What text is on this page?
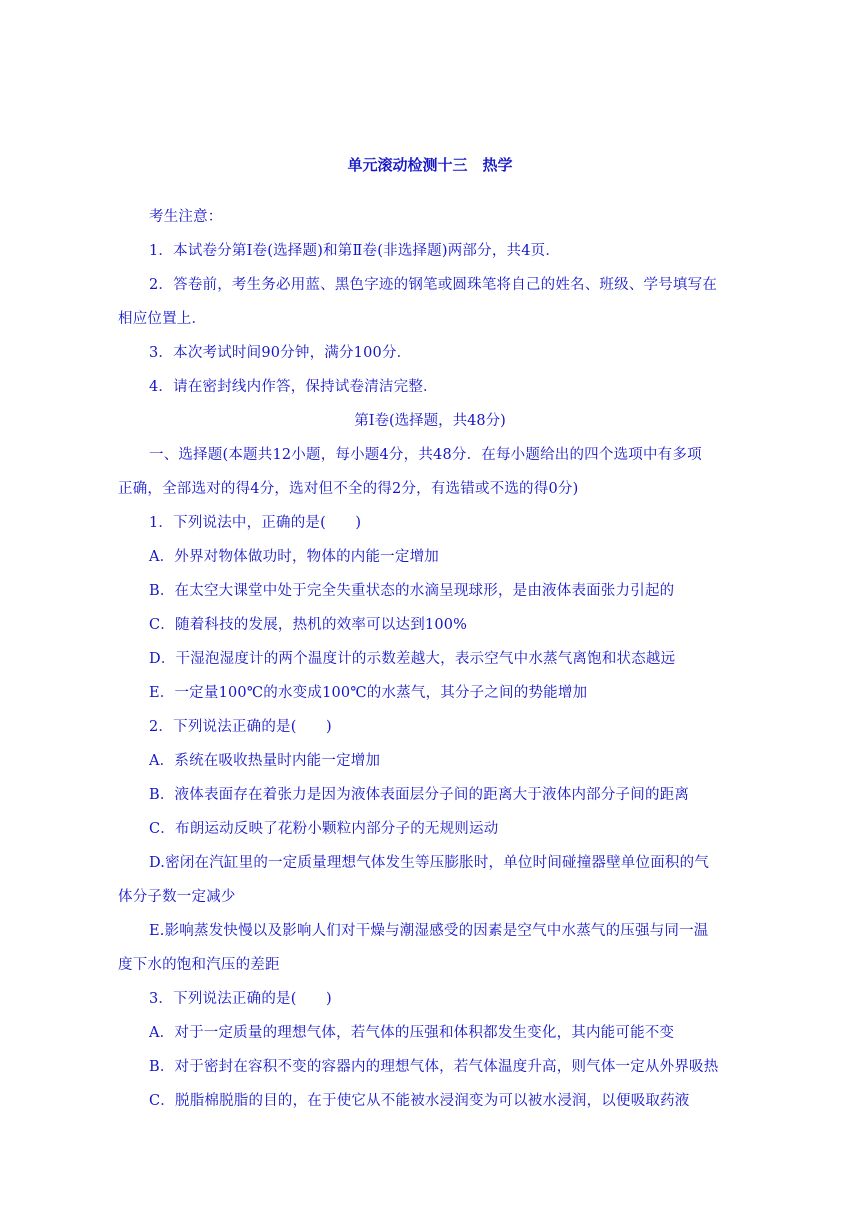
单元滚动检测十三　热学
考生注意：
1．本试卷分第Ⅰ卷(选择题)和第Ⅱ卷(非选择题)两部分，共4页．
2．答卷前，考生务必用蓝、黑色字迹的钢笔或圆珠笔将自己的姓名、班级、学号填写在
相应位置上．
3．本次考试时间90分钟，满分100分．
4．请在密封线内作答，保持试卷清洁完整．
第Ⅰ卷(选择题，共48分)
一、选择题(本题共12小题，每小题4分，共48分．在每小题给出的四个选项中有多项
正确，全部选对的得4分，选对但不全的得2分，有选错或不选的得0分)
1．下列说法中，正确的是(　　)
A．外界对物体做功时，物体的内能一定增加
B．在太空大课堂中处于完全失重状态的水滴呈现球形，是由液体表面张力引起的
C．随着科技的发展，热机的效率可以达到100%
D．干湿泡湿度计的两个温度计的示数差越大，表示空气中水蒸气离饱和状态越远
E．一定量100℃的水变成100℃的水蒸气，其分子之间的势能增加
2．下列说法正确的是(　　)
A．系统在吸收热量时内能一定增加
B．液体表面存在着张力是因为液体表面层分子间的距离大于液体内部分子间的距离
C．布朗运动反映了花粉小颗粒内部分子的无规则运动
D.密闭在汽缸里的一定质量理想气体发生等压膨胀时，单位时间碰撞器壁单位面积的气
体分子数一定减少
E.影响蒸发快慢以及影响人们对干燥与潮湿感受的因素是空气中水蒸气的压强与同一温
度下水的饱和汽压的差距
3．下列说法正确的是(　　)
A．对于一定质量的理想气体，若气体的压强和体积都发生变化，其内能可能不变
B．对于密封在容积不变的容器内的理想气体，若气体温度升高，则气体一定从外界吸热
C．脱脂棉脱脂的目的，在于使它从不能被水浸润变为可以被水浸润，以便吸取药液
